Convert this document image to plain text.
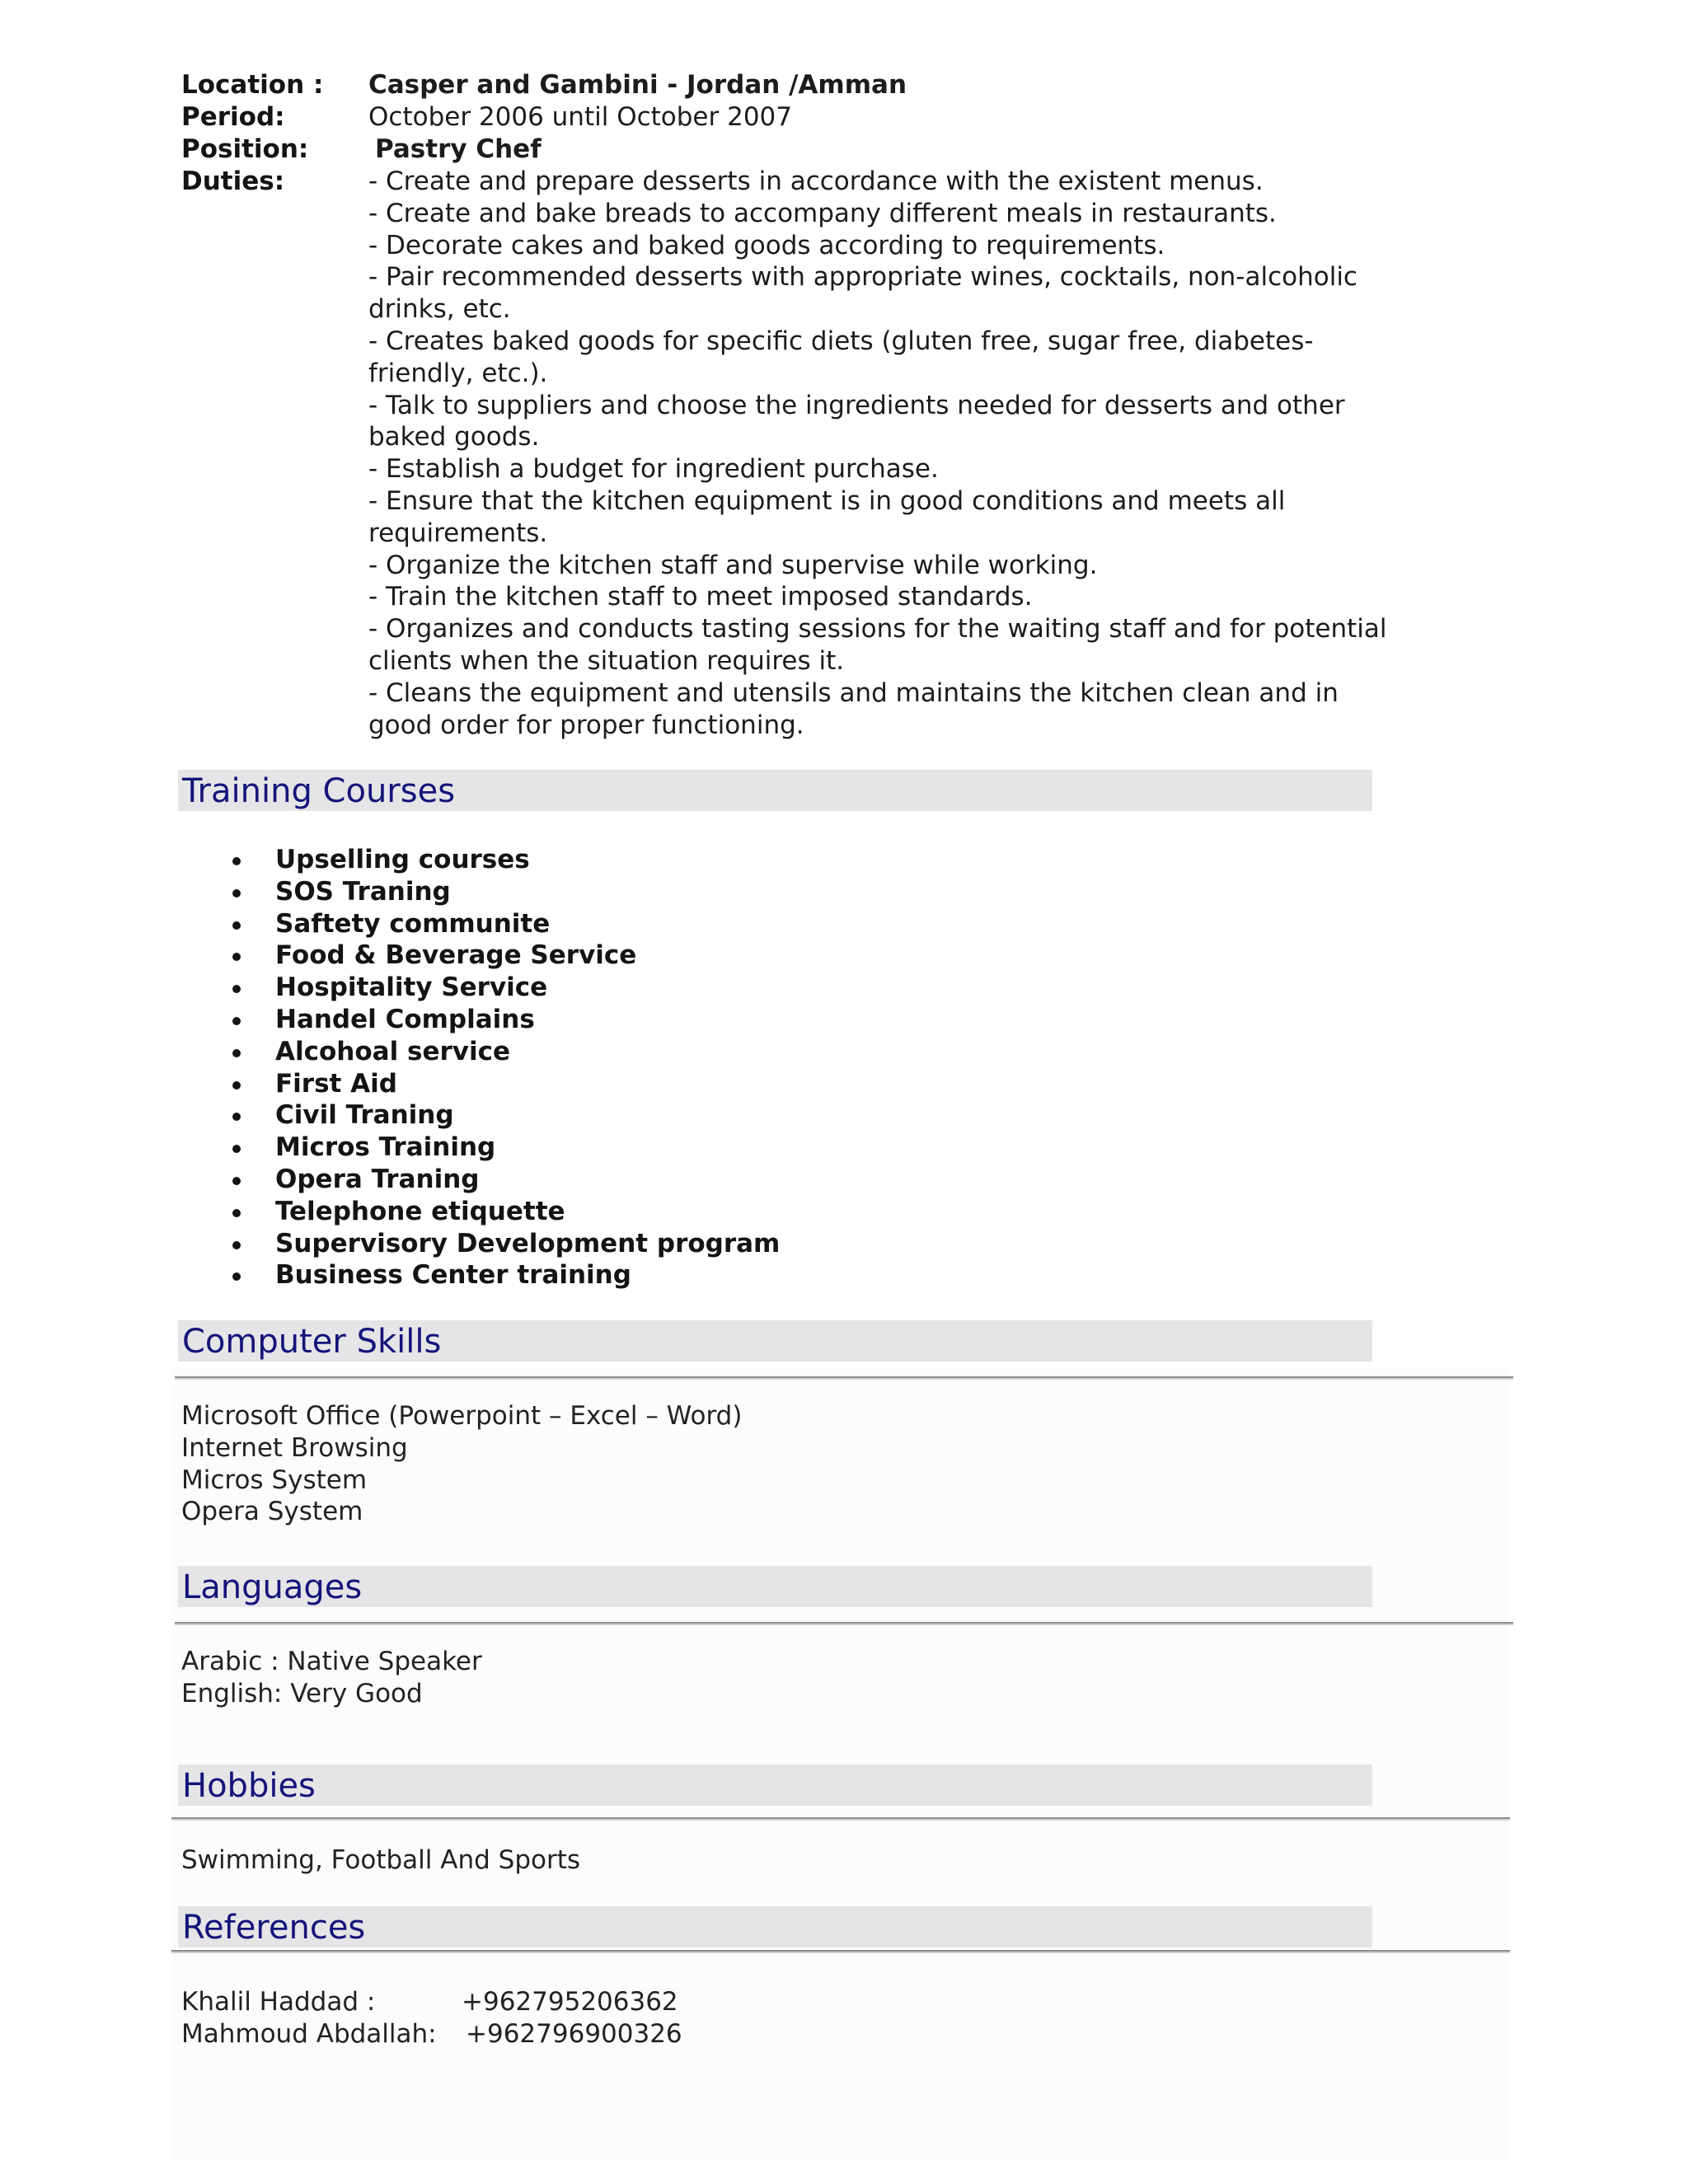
Location : Casper and Gambini - Jordan /Amman
Period:	October 2006 until October 2007
Position:	Pastry Chef
Duties:	- Create and prepare desserts in accordance with the existent menus.
- Create and bake breads to accompany different meals in restaurants.
- Decorate cakes and baked goods according to requirements.
- Pair recommended desserts with appropriate wines, cocktails, non-alcoholic
drinks, etc.
- Creates baked goods for specific diets (gluten free, sugar free, diabetes-
friendly, etc.).
- Talk to suppliers and choose the ingredients needed for desserts and other
baked goods.
- Establish a budget for ingredient purchase.
- Ensure that the kitchen equipment is in good conditions and meets all
requirements.
- Organize the kitchen staff and supervise while working.
- Train the kitchen staff to meet imposed standards.
- Organizes and conducts tasting sessions for the waiting staff and for potential
clients when the situation requires it.
- Cleans the equipment and utensils and maintains the kitchen clean and in
good order for proper functioning.
Training Courses
Upselling courses
SOS Traning
Saftety communite
Food & Beverage Service
Hospitality Service
Handel Complains
Alcohoal service
First Aid
Civil Traning
Micros Training
Opera Traning
Telephone etiquette
Supervisory Development program
Business Center training
Computer Skills
Microsoft Office (Powerpoint – Excel – Word)
Internet Browsing
Micros System
Opera System
Languages
Arabic : Native Speaker
English: Very Good
Hobbies
Swimming, Football And Sports
References
Khalil Haddad :	+962795206362
Mahmoud Abdallah: +962796900326
